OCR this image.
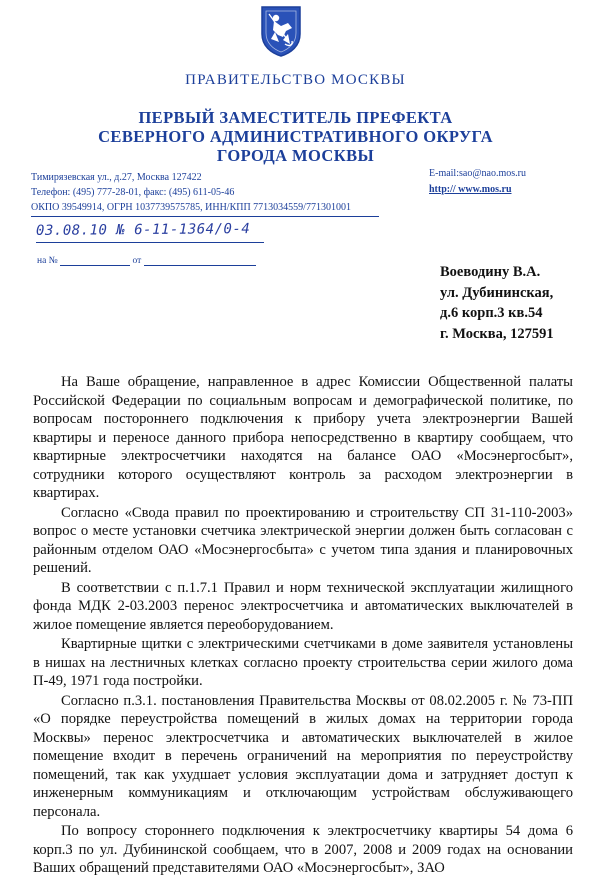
ПРАВИТЕЛЬСТВО МОСКВЫ
ПЕРВЫЙ ЗАМЕСТИТЕЛЬ ПРЕФЕКТА
СЕВЕРНОГО АДМИНИСТРАТИВНОГО ОКРУГА
ГОРОДА МОСКВЫ
Тимирязевская ул., д.27, Москва 127422
Телефон: (495) 777-28-01, факс: (495) 611-05-46
ОКПО 39549914, ОГРН 1037739575785, ИНН/КПП 7713034559/771301001
E-mail:sao@nao.mos.ru
http:// www.mos.ru
03.08.10 № 6-11-1364/0-4
на №	от
Воеводину В.А.
ул. Дубининская,
д.6 корп.3 кв.54
г. Москва, 127591

На Ваше обращение, направленное в адрес Комиссии Общественной палаты Российской Федерации по социальным вопросам и демографической политике, по вопросам постороннего подключения к прибору учета электроэнергии Вашей квартиры и переносе данного прибора непосредственно в квартиру сообщаем, что квартирные электросчетчики находятся на балансе ОАО «Мосэнергосбыт», сотрудники которого осуществляют контроль за расходом электроэнергии в квартирах.

Согласно «Свода правил по проектированию и строительству СП 31-110-2003» вопрос о месте установки счетчика электрической энергии должен быть согласован с районным отделом ОАО «Мосэнергосбыта» с учетом типа здания и планировочных решений.

В соответствии с п.1.7.1 Правил и норм технической эксплуатации жилищного фонда МДК 2-03.2003 перенос электросчетчика и автоматических выключателей в жилое помещение является переоборудованием.

Квартирные щитки с электрическими счетчиками в доме заявителя установлены в нишах на лестничных клетках согласно проекту строительства серии жилого дома П-49, 1971 года постройки.

Согласно п.3.1. постановления Правительства Москвы от 08.02.2005 г. № 73-ПП «О порядке переустройства помещений в жилых домах на территории города Москвы» перенос электросчетчика и автоматических выключателей в жилое помещение входит в перечень ограничений на мероприятия по переустройству помещений, так как ухудшает условия эксплуатации дома и затрудняет доступ к инженерным коммуникациям и отключающим устройствам обслуживающего персонала.

По вопросу стороннего подключения к электросчетчику квартиры 54 дома 6 корп.3 по ул. Дубининской сообщаем, что в 2007, 2008 и 2009 годах на основании Ваших обращений представителями ОАО «Мосэнергосбыт», ЗАО
